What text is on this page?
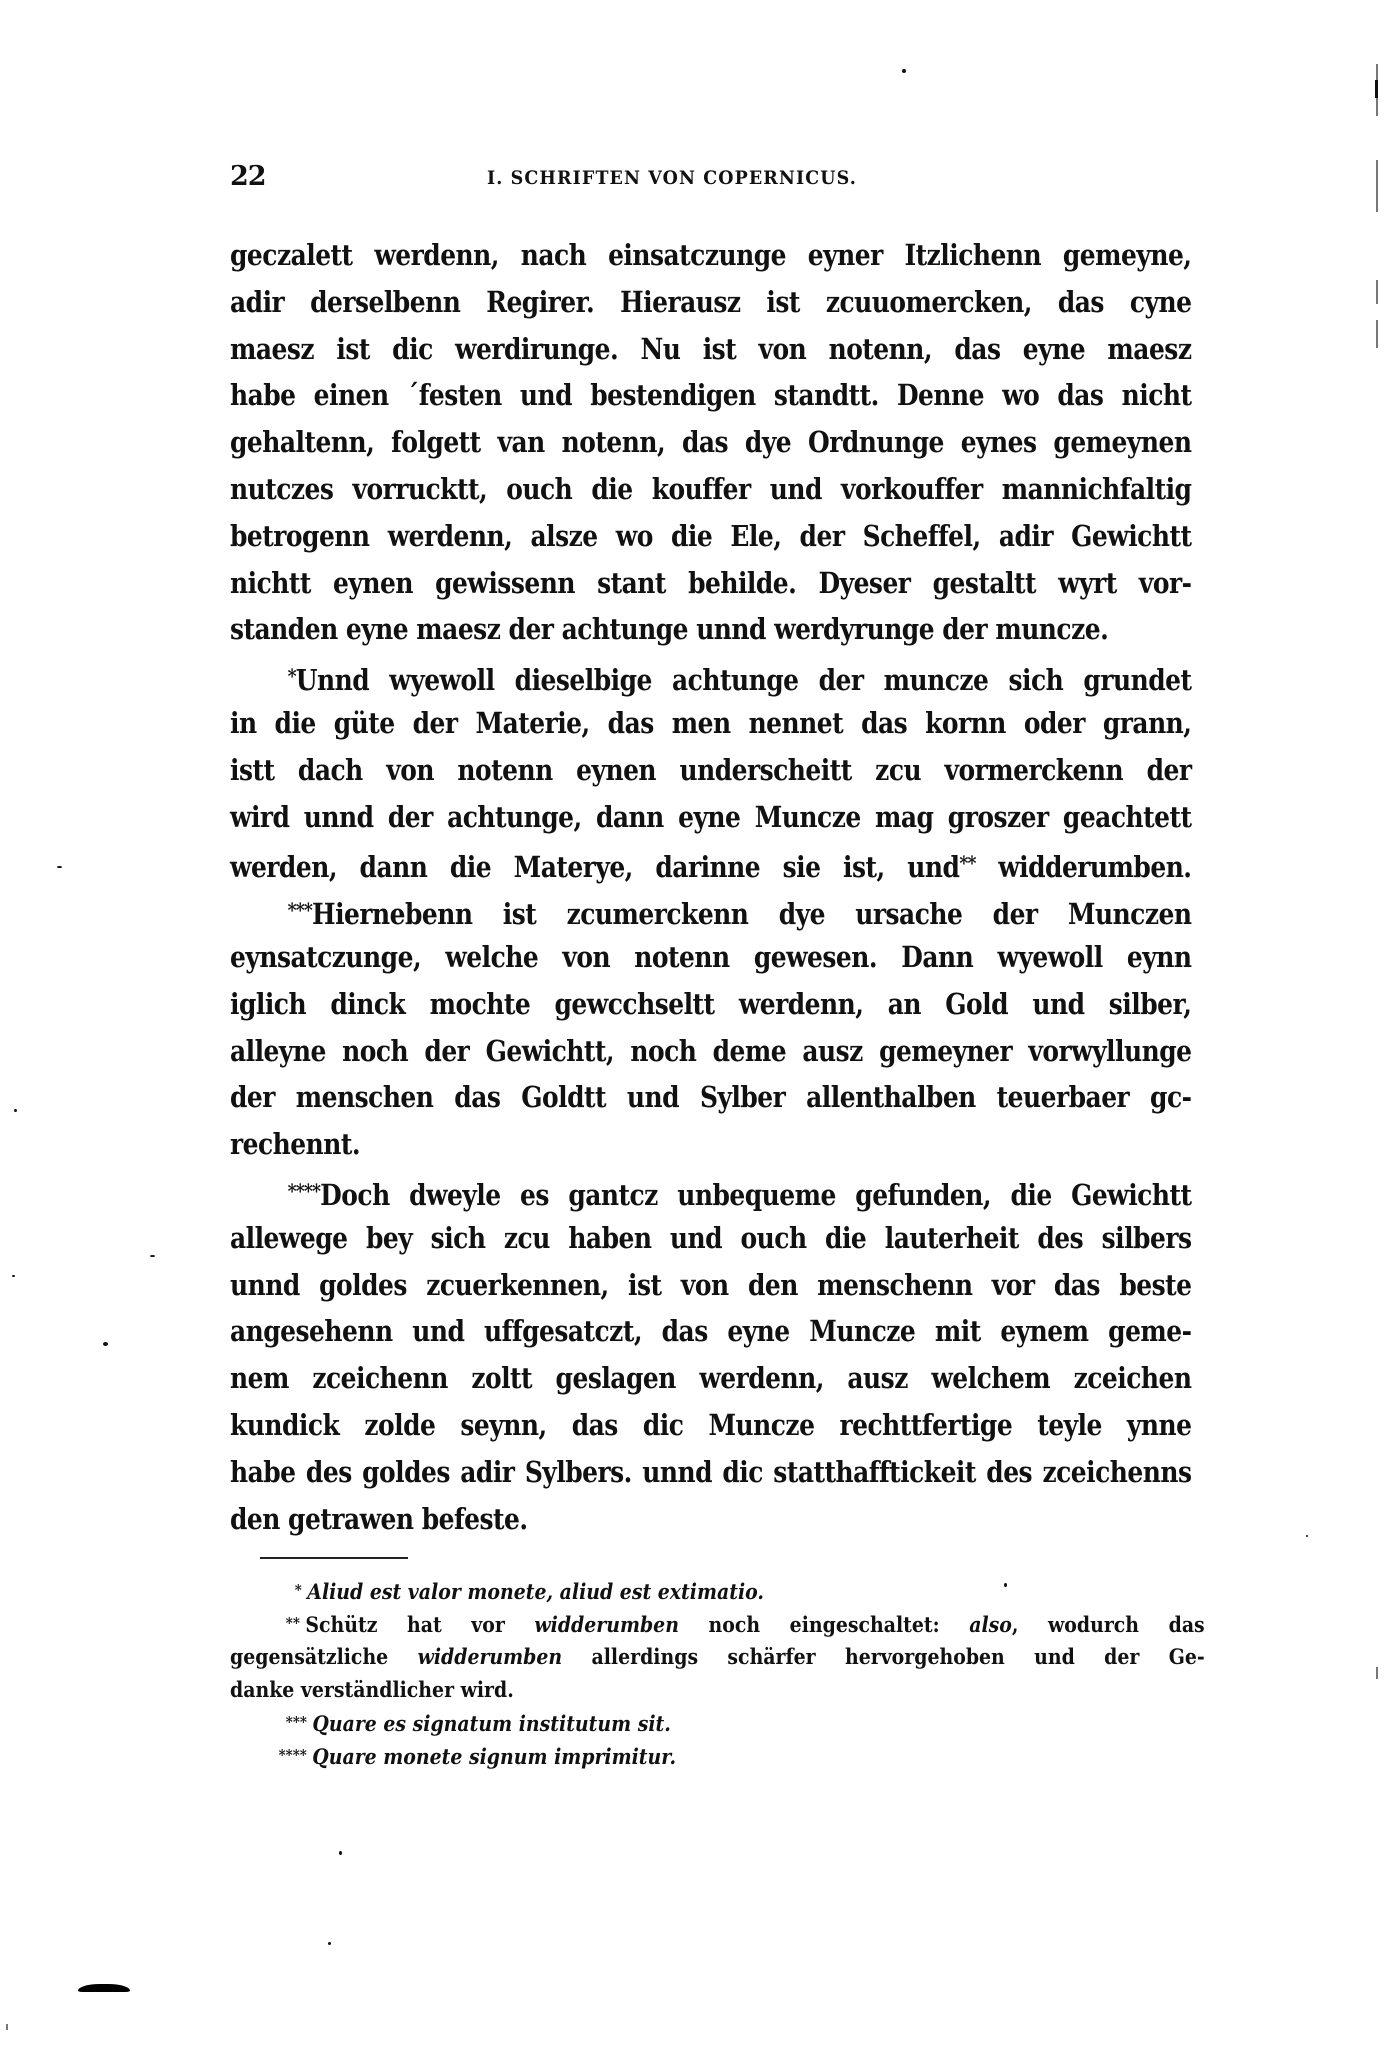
22	I. SCHRIFTEN VON COPERNICUS.
geczalett werdenn, nach einsatczunge eyner Itzlichenn gemeyne,
adir derselbenn Regirer. Hierausz ist zcuuomercken, das cyne
maesz ist dic werdirunge. Nu ist von notenn, das eyne maesz
habe einen ´festen und bestendigen standtt. Denne wo das nicht
gehaltenn, folgett van notenn, das dye Ordnunge eynes gemeynen
nutczes vorrucktt, ouch die kouffer und vorkouffer mannichfaltig
betrogenn werdenn, alsze wo die Ele, der Scheffel, adir Gewichtt
nichtt eynen gewissenn stant behilde. Dyeser gestaltt wyrt vor-
standen eyne maesz der achtunge unnd werdyrunge der muncze.
*Unnd wyewoll dieselbige achtunge der muncze sich grundet
in die güte der Materie, das men nennet das kornn oder grann,
istt dach von notenn eynen underscheitt zcu vormerckenn der
wird unnd der achtunge, dann eyne Muncze mag groszer geachtett
werden, dann die Materye, darinne sie ist, und** widderumben.
***Hiernebenn ist zcumerckenn dye ursache der Munczen
eynsatczunge, welche von notenn gewesen. Dann wyewoll eynn
iglich dinck mochte gewcchseltt werdenn, an Gold und silber,
alleyne noch der Gewichtt, noch deme ausz gemeyner vorwyllunge
der menschen das Goldtt und Sylber allenthalben teuerbaer gc-
rechennt.
****Doch dweyle es gantcz unbequeme gefunden, die Gewichtt
allewege bey sich zcu haben und ouch die lauterheit des silbers
unnd goldes zcuerkennen, ist von den menschenn vor das beste
angesehenn und uffgesatczt, das eyne Muncze mit eynem geme-
nem zceichenn zoltt geslagen werdenn, ausz welchem zceichen
kundick zolde seynn, das dic Muncze rechttfertige teyle ynne
habe des goldes adir Sylbers. unnd dic statthafftickeit des zceichenns
den getrawen befeste.
* Aliud est valor monete, aliud est extimatio.
** Schütz hat vor widderumben noch eingeschaltet: also, wodurch das
gegensätzliche widderumben allerdings schärfer hervorgehoben und der Ge-
danke verständlicher wird.
*** Quare es signatum institutum sit.
**** Quare monete signum imprimitur.
